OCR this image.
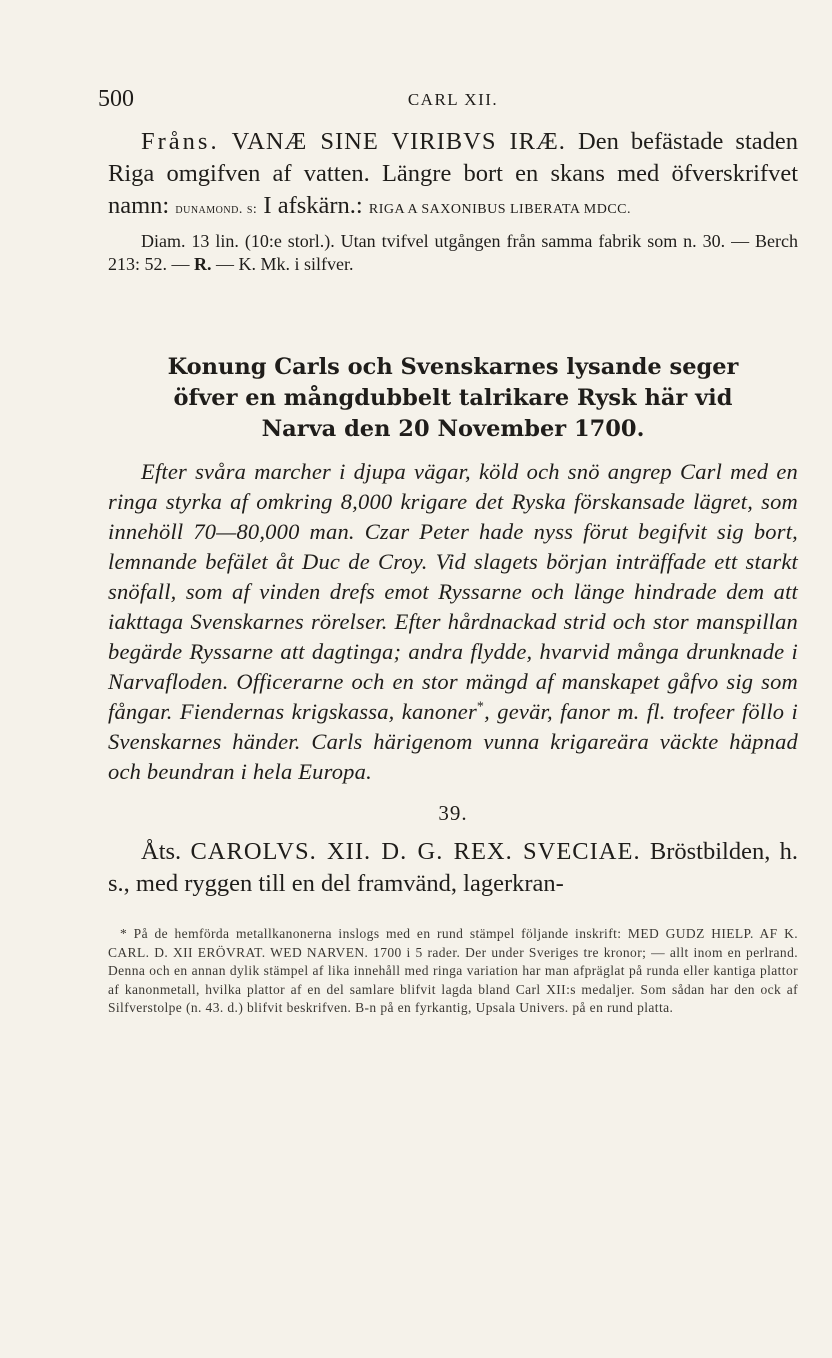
500	CARL XII.

Fråns. VANÆ SINE VIRIBVS IRÆ. Den befästade staden Riga omgifven af vatten. Längre bort en skans med öfverskrifvet namn: dunamond. s: I afskärn.: RIGA A SAXONIBUS LIBERATA MDCC.

Diam. 13 lin. (10:e storl.). Utan tvifvel utgången från samma fabrik som n. 30. — Berch 213: 52. — R. — K. Mk. i silfver.

Konung Carls och Svenskarnes lysande seger
öfver en mångdubbelt talrikare Rysk här vid
Narva den 20 November 1700.

Efter svåra marcher i djupa vägar, köld och snö angrep Carl med en ringa styrka af omkring 8,000 krigare det Ryska förskansade lägret, som innehöll 70—80,000 man. Czar Peter hade nyss förut begifvit sig bort, lemnande befälet åt Duc de Croy. Vid slagets början inträffade ett starkt snöfall, som af vinden drefs emot Ryssarne och länge hindrade dem att iakttaga Svenskarnes rörelser. Efter hårdnackad strid och stor manspillan begärde Ryssarne att dagtinga; andra flydde, hvarvid många drunknade i Narvafloden. Officerarne och en stor mängd af manskapet gåfvo sig som fångar. Fiendernas krigskassa, kanoner*, gevär, fanor m. fl. trofeer föllo i Svenskarnes händer. Carls härigenom vunna krigareära väckte häpnad och beundran i hela Europa.

39.

Åts. CAROLVS. XII. D. G. REX. SVECIAE. Bröstbilden, h. s., med ryggen till en del framvänd, lagerkran-

* På de hemförda metallkanonerna inslogs med en rund stämpel följande inskrift: MED GUDZ HIELP. AF K. CARL. D. XII ERÖVRAT. WED NARVEN. 1700 i 5 rader. Der under Sveriges tre kronor; — allt inom en perlrand. Denna och en annan dylik stämpel af lika innehåll med ringa variation har man afpräglat på runda eller kantiga plattor af kanonmetall, hvilka plattor af en del samlare blifvit lagda bland Carl XII:s medaljer. Som sådan har den ock af Silfverstolpe (n. 43. d.) blifvit beskrifven. B-n på en fyrkantig, Upsala Univers. på en rund platta.
